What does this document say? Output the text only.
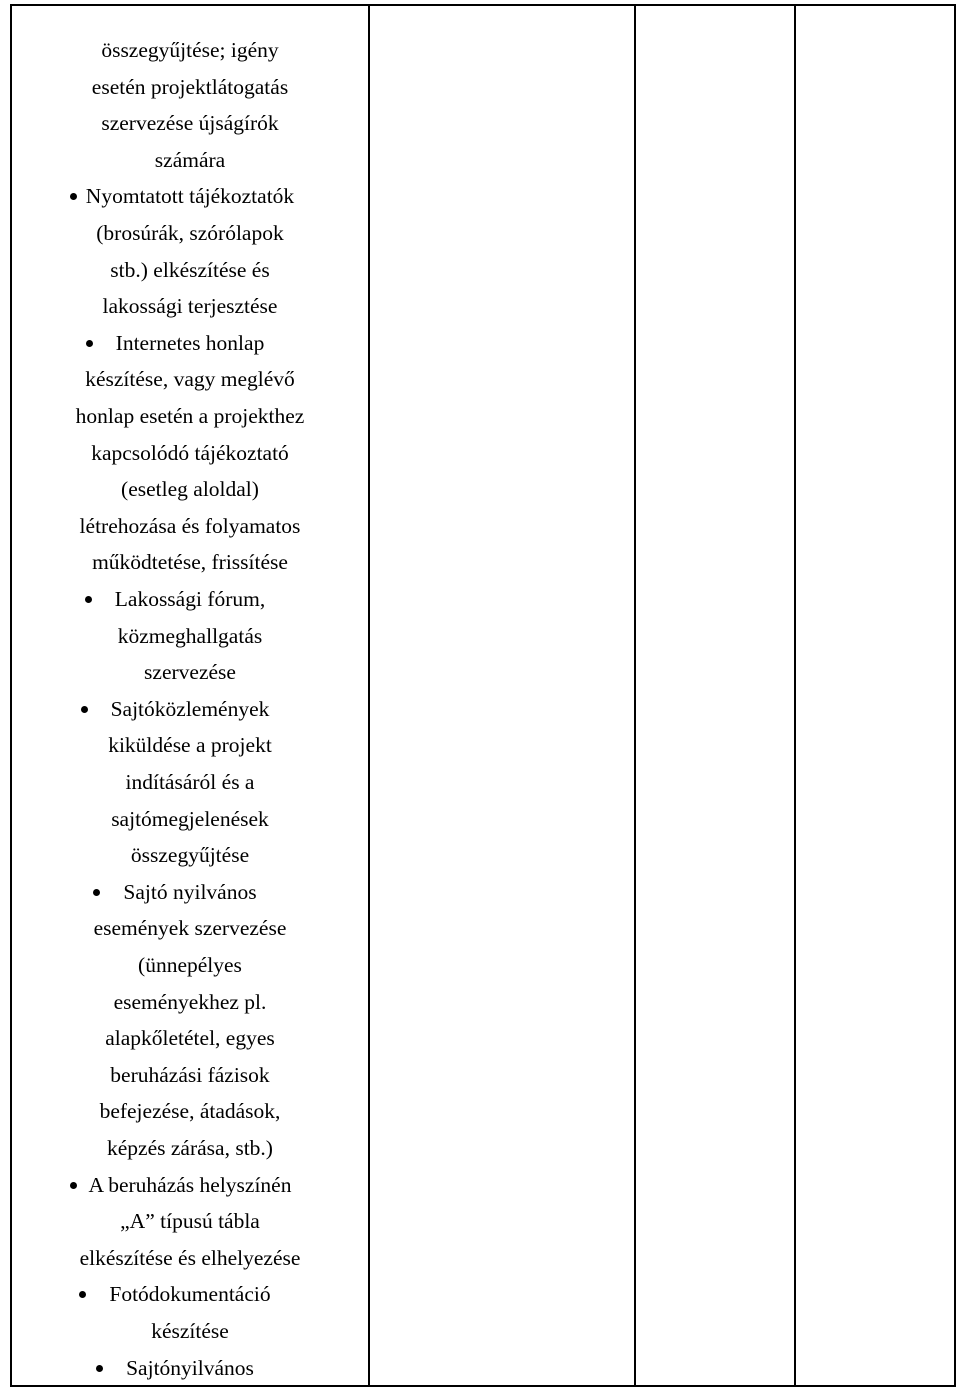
összegyűjtése; igény
esetén projektlátogatás
szervezése újságírók
számára
Nyomtatott tájékoztatók
(brosúrák, szórólapok
stb.) elkészítése és
lakossági terjesztése
Internetes honlap
készítése, vagy meglévő
honlap esetén a projekthez
kapcsolódó tájékoztató
(esetleg aloldal)
létrehozása és folyamatos
működtetése, frissítése
Lakossági fórum,
közmeghallgatás
szervezése
Sajtóközlemények
kiküldése a projekt
indításáról és a
sajtómegjelenések
összegyűjtése
Sajtó nyilvános
események szervezése
(ünnepélyes
eseményekhez pl.
alapkőletétel, egyes
beruházási fázisok
befejezése, átadások,
képzés zárása, stb.)
A beruházás helyszínén
„A” típusú tábla
elkészítése és elhelyezése
Fotódokumentáció
készítése
Sajtónyilvános
